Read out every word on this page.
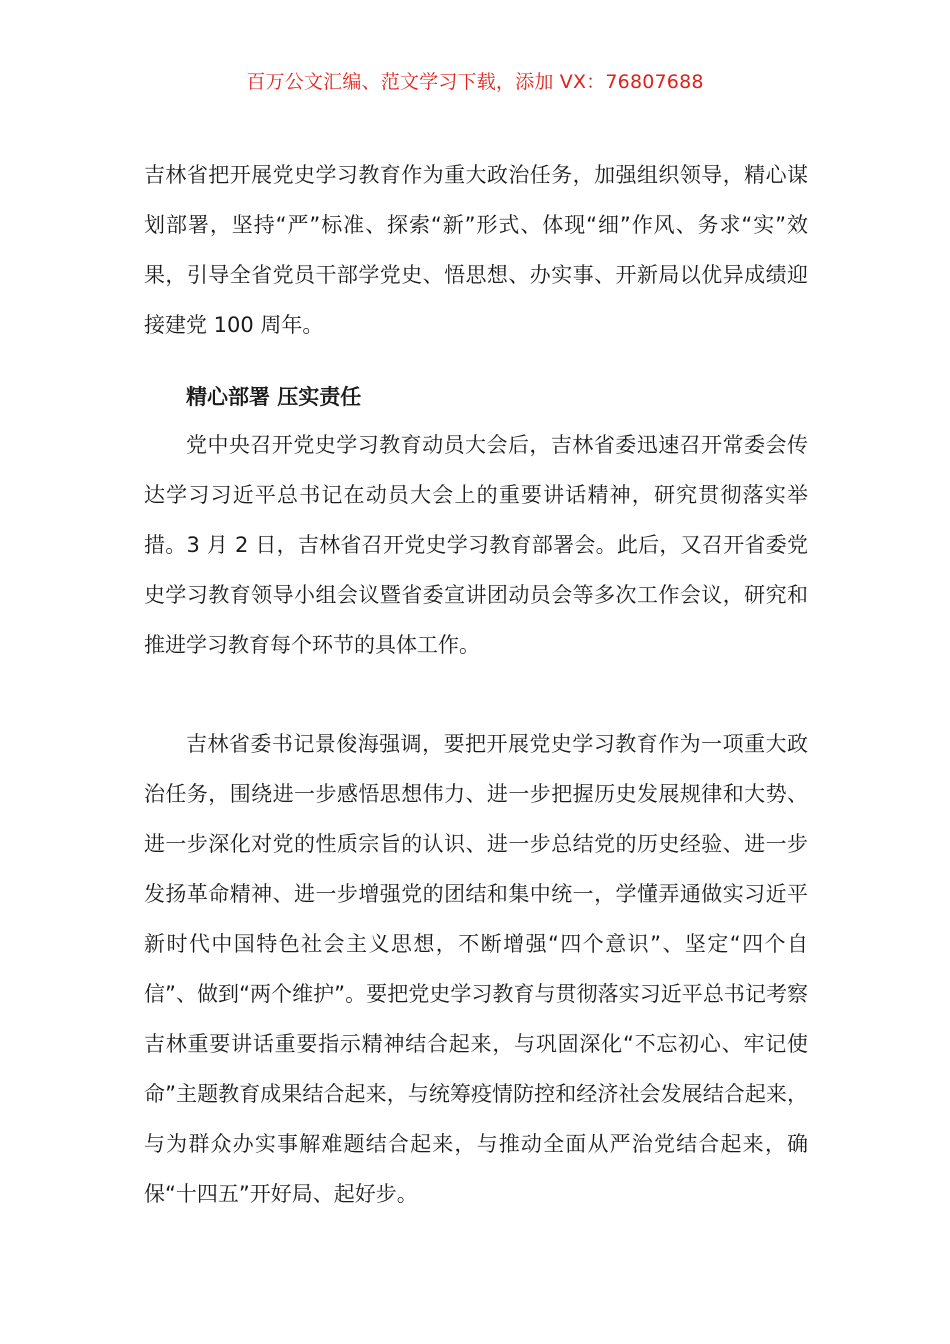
百万公文汇编、范文学习下载，添加 VX：76807688

吉林省把开展党史学习教育作为重大政治任务，加强组织领导，精心谋划部署，坚持“严”标准、探索“新”形式、体现“细”作风、务求“实”效果，引导全省党员干部学党史、悟思想、办实事、开新局以优异成绩迎接建党 100 周年。

精心部署 压实责任

党中央召开党史学习教育动员大会后，吉林省委迅速召开常委会传达学习习近平总书记在动员大会上的重要讲话精神，研究贯彻落实举措。3 月 2 日，吉林省召开党史学习教育部署会。此后，又召开省委党史学习教育领导小组会议暨省委宣讲团动员会等多次工作会议，研究和推进学习教育每个环节的具体工作。

吉林省委书记景俊海强调，要把开展党史学习教育作为一项重大政治任务，围绕进一步感悟思想伟力、进一步把握历史发展规律和大势、进一步深化对党的性质宗旨的认识、进一步总结党的历史经验、进一步发扬革命精神、进一步增强党的团结和集中统一，学懂弄通做实习近平新时代中国特色社会主义思想，不断增强“四个意识”、坚定“四个自信”、做到“两个维护”。要把党史学习教育与贯彻落实习近平总书记考察吉林重要讲话重要指示精神结合起来，与巩固深化“不忘初心、牢记使命”主题教育成果结合起来，与统筹疫情防控和经济社会发展结合起来，与为群众办实事解难题结合起来，与推动全面从严治党结合起来，确保“十四五”开好局、起好步。
